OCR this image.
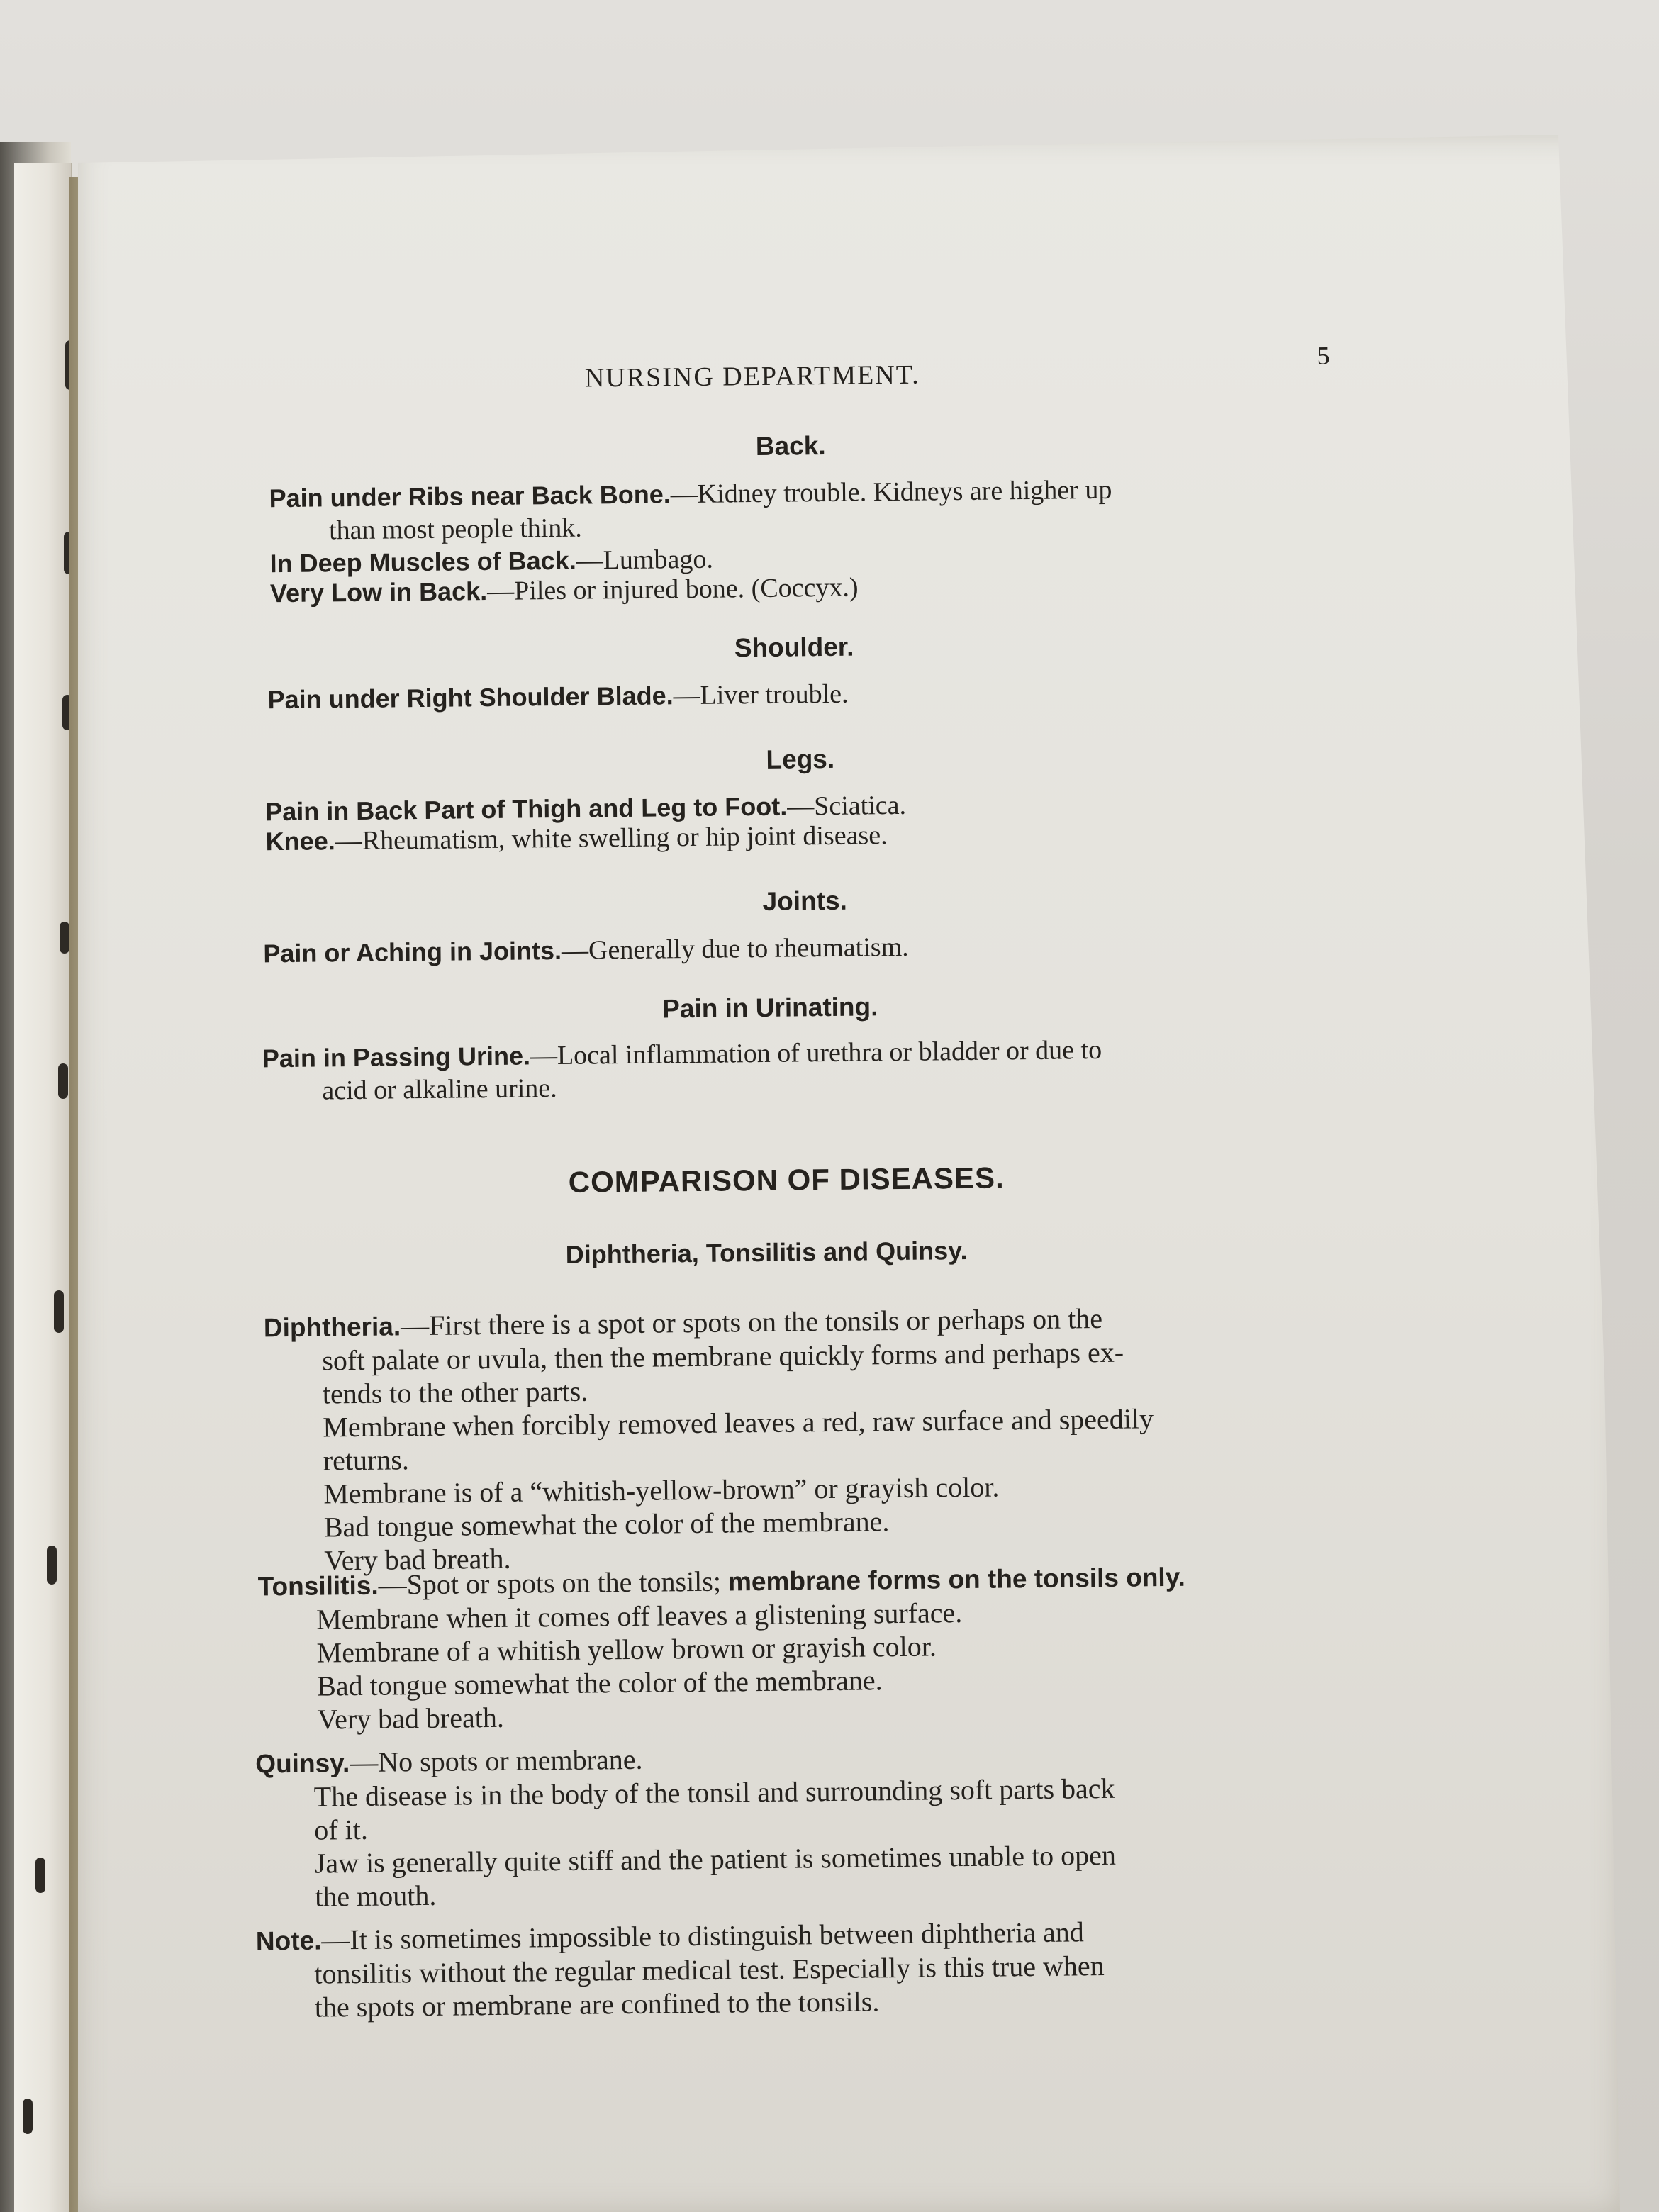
NURSING DEPARTMENT.
5
Back.
Pain under Ribs near Back Bone.—Kidney trouble. Kidneys are higher up
than most people think.
In Deep Muscles of Back.—Lumbago.
Very Low in Back.—Piles or injured bone. (Coccyx.)
Shoulder.
Pain under Right Shoulder Blade.—Liver trouble.
Legs.
Pain in Back Part of Thigh and Leg to Foot.—Sciatica.
Knee.—Rheumatism, white swelling or hip joint disease.
Joints.
Pain or Aching in Joints.—Generally due to rheumatism.
Pain in Urinating.
Pain in Passing Urine.—Local inflammation of urethra or bladder or due to
acid or alkaline urine.
COMPARISON OF DISEASES.
Diphtheria, Tonsilitis and Quinsy.
Diphtheria.—First there is a spot or spots on the tonsils or perhaps on the
soft palate or uvula, then the membrane quickly forms and perhaps ex-
tends to the other parts.
Membrane when forcibly removed leaves a red, raw surface and speedily
returns.
Membrane is of a “whitish-yellow-brown” or grayish color.
Bad tongue somewhat the color of the membrane.
Very bad breath.
Tonsilitis.—Spot or spots on the tonsils; membrane forms on the tonsils only.
Membrane when it comes off leaves a glistening surface.
Membrane of a whitish yellow brown or grayish color.
Bad tongue somewhat the color of the membrane.
Very bad breath.
Quinsy.—No spots or membrane.
The disease is in the body of the tonsil and surrounding soft parts back
of it.
Jaw is generally quite stiff and the patient is sometimes unable to open
the mouth.
Note.—It is sometimes impossible to distinguish between diphtheria and
tonsilitis without the regular medical test. Especially is this true when
the spots or membrane are confined to the tonsils.
